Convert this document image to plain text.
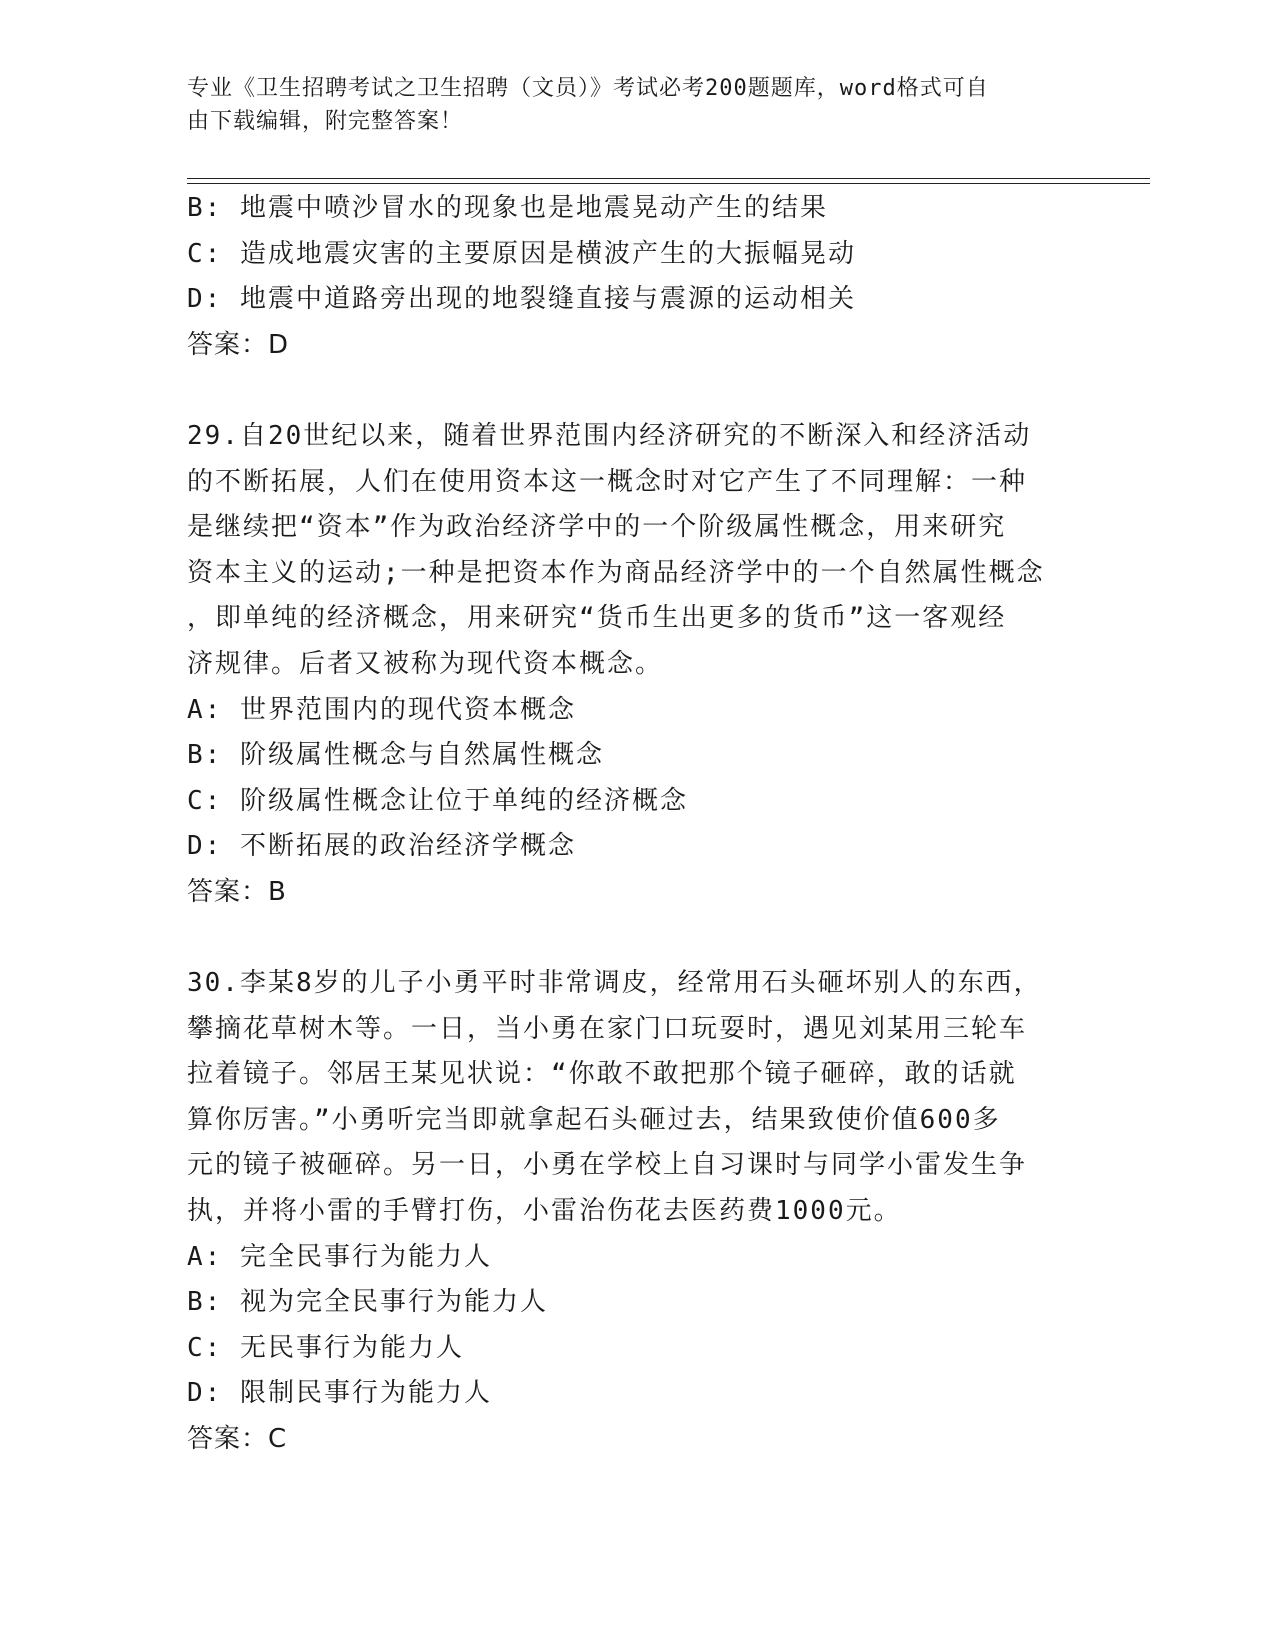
专业《卫生招聘考试之卫生招聘（文员）》考试必考200题题库，word格式可自
由下载编辑，附完整答案！
B: 地震中喷沙冒水的现象也是地震晃动产生的结果
C: 造成地震灾害的主要原因是横波产生的大振幅晃动
D: 地震中道路旁出现的地裂缝直接与震源的运动相关
答案：D
29.自20世纪以来，随着世界范围内经济研究的不断深入和经济活动
的不断拓展，人们在使用资本这一概念时对它产生了不同理解：一种
是继续把“资本”作为政治经济学中的一个阶级属性概念，用来研究
资本主义的运动;一种是把资本作为商品经济学中的一个自然属性概念
，即单纯的经济概念，用来研究“货币生出更多的货币”这一客观经
济规律。后者又被称为现代资本概念。
A: 世界范围内的现代资本概念
B: 阶级属性概念与自然属性概念
C: 阶级属性概念让位于单纯的经济概念
D: 不断拓展的政治经济学概念
答案：B
30.李某8岁的儿子小勇平时非常调皮，经常用石头砸坏别人的东西，
攀摘花草树木等。一日，当小勇在家门口玩耍时，遇见刘某用三轮车
拉着镜子。邻居王某见状说：“你敢不敢把那个镜子砸碎，敢的话就
算你厉害。”小勇听完当即就拿起石头砸过去，结果致使价值600多
元的镜子被砸碎。另一日，小勇在学校上自习课时与同学小雷发生争
执，并将小雷的手臂打伤，小雷治伤花去医药费1000元。
A: 完全民事行为能力人
B: 视为完全民事行为能力人
C: 无民事行为能力人
D: 限制民事行为能力人
答案：C
